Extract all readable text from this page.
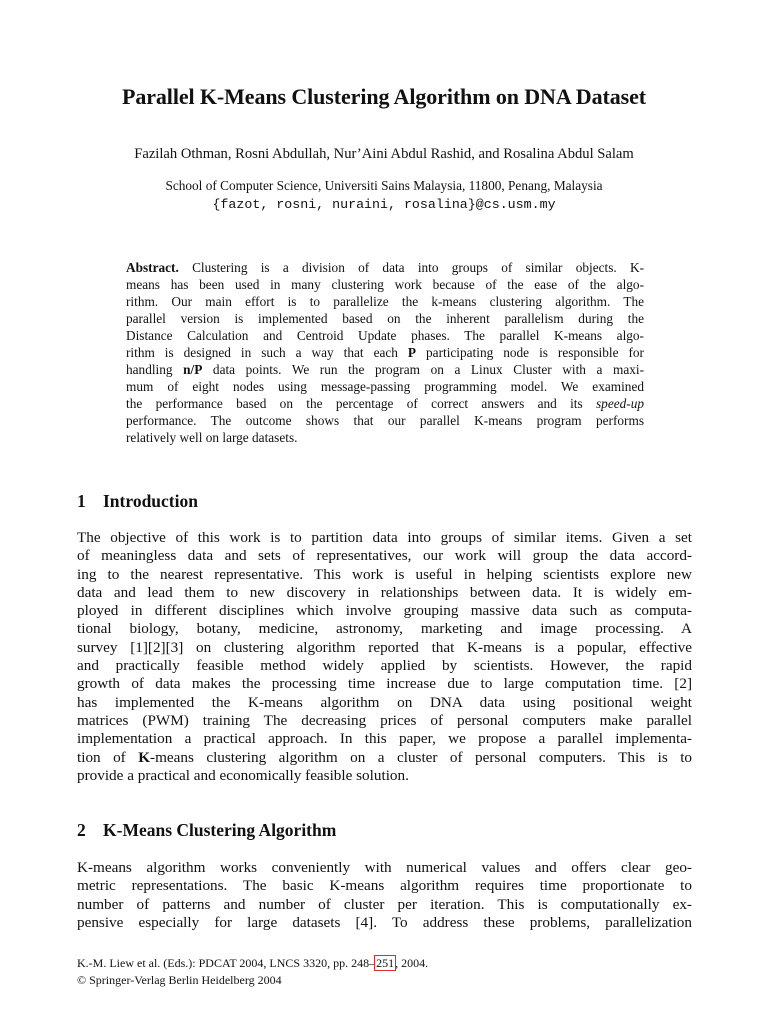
Parallel K-Means Clustering Algorithm on DNA Dataset
Fazilah Othman, Rosni Abdullah, Nur’Aini Abdul Rashid, and Rosalina Abdul Salam
School of Computer Science, Universiti Sains Malaysia, 11800, Penang, Malaysia
{fazot, rosni, nuraini, rosalina}@cs.usm.my
Abstract. Clustering is a division of data into groups of similar objects. K-
means has been used in many clustering work because of the ease of the algo-
rithm. Our main effort is to parallelize the k-means clustering algorithm. The
parallel version is implemented based on the inherent parallelism during the
Distance Calculation and Centroid Update phases. The parallel K-means algo-
rithm is designed in such a way that each P participating node is responsible for
handling n/P data points. We run the program on a Linux Cluster with a maxi-
mum of eight nodes using message-passing programming model. We examined
the performance based on the percentage of correct answers and its speed-up
performance. The outcome shows that our parallel K-means program performs
relatively well on large datasets.
1 Introduction
The objective of this work is to partition data into groups of similar items. Given a set
of meaningless data and sets of representatives, our work will group the data accord-
ing to the nearest representative. This work is useful in helping scientists explore new
data and lead them to new discovery in relationships between data. It is widely em-
ployed in different disciplines which involve grouping massive data such as computa-
tional biology, botany, medicine, astronomy, marketing and image processing. A
survey [1][2][3] on clustering algorithm reported that K-means is a popular, effective
and practically feasible method widely applied by scientists. However, the rapid
growth of data makes the processing time increase due to large computation time. [2]
has implemented the K-means algorithm on DNA data using positional weight
matrices (PWM) training The decreasing prices of personal computers make parallel
implementation a practical approach. In this paper, we propose a parallel implementa-
tion of K-means clustering algorithm on a cluster of personal computers. This is to
provide a practical and economically feasible solution.
2 K-Means Clustering Algorithm
K-means algorithm works conveniently with numerical values and offers clear geo-
metric representations. The basic K-means algorithm requires time proportionate to
number of patterns and number of cluster per iteration. This is computationally ex-
pensive especially for large datasets [4]. To address these problems, parallelization
K.-M. Liew et al. (Eds.): PDCAT 2004, LNCS 3320, pp. 248–251, 2004.
© Springer-Verlag Berlin Heidelberg 2004
